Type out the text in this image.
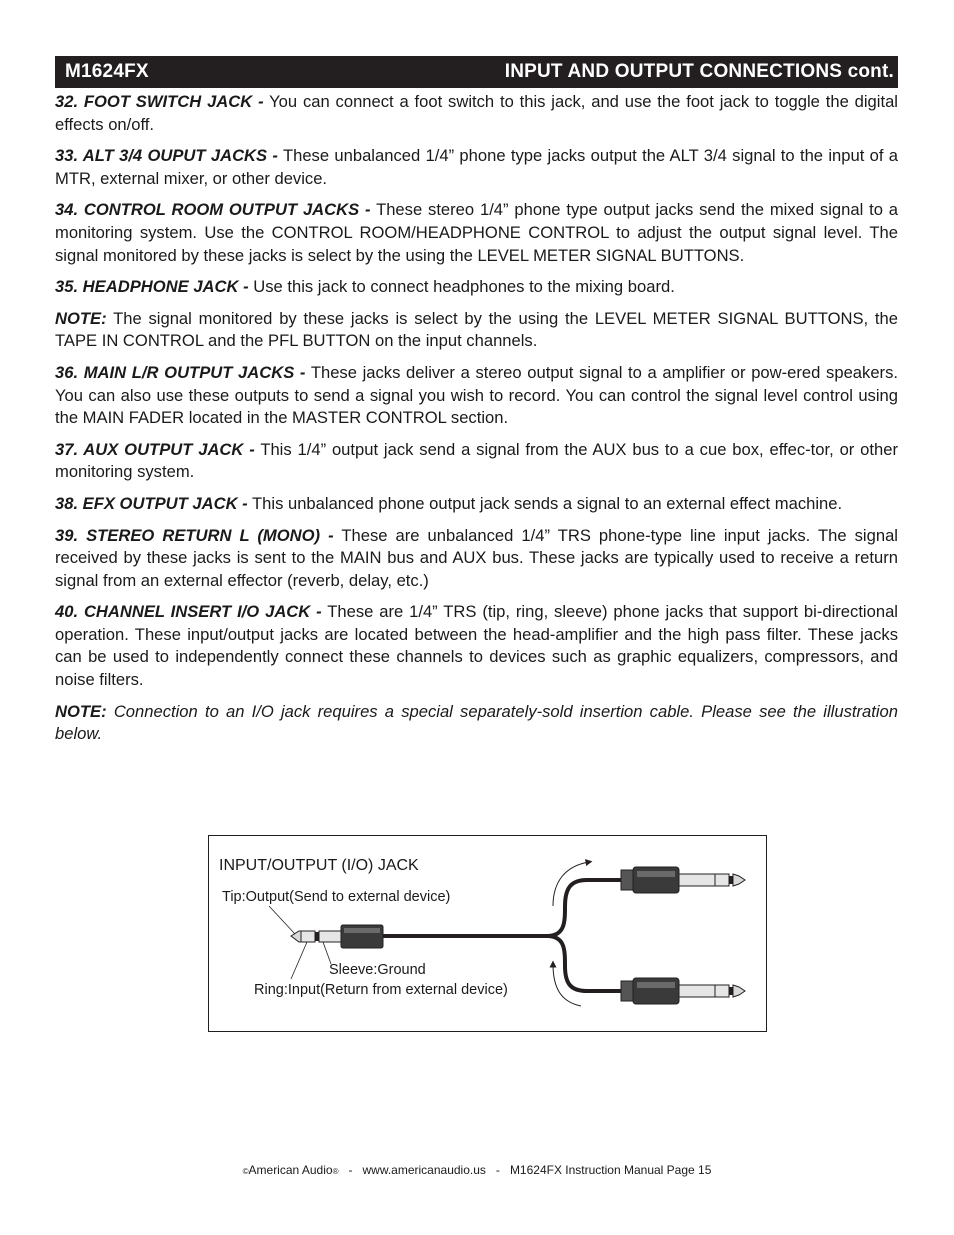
M1624FX	INPUT AND OUTPUT CONNECTIONS cont.

32. FOOT SWITCH JACK - You can connect a foot switch to this jack, and use the foot jack to toggle the digital effects on/off.

33. ALT 3/4 OUPUT JACKS - These unbalanced 1/4” phone type jacks output the ALT 3/4 signal to the input of a MTR, external mixer, or other device.

34. CONTROL ROOM OUTPUT JACKS - These stereo 1/4” phone type output jacks send the mixed signal to a monitoring system. Use the CONTROL ROOM/HEADPHONE CONTROL to adjust the output signal level. The signal monitored by these jacks is select by the using the LEVEL METER SIGNAL BUTTONS.

35. HEADPHONE JACK - Use this jack to connect headphones to the mixing board.

NOTE: The signal monitored by these jacks is select by the using the LEVEL METER SIGNAL BUTTONS, the TAPE IN CONTROL and the PFL BUTTON on the input channels.

36. MAIN L/R OUTPUT JACKS - These jacks deliver a stereo output signal to a amplifier or pow-ered speakers. You can also use these outputs to send a signal you wish to record. You can control the signal level control using the MAIN FADER located in the MASTER CONTROL section.

37. AUX OUTPUT JACK - This 1/4” output jack send a signal from the AUX bus to a cue box, effec-tor, or other monitoring system.

38. EFX OUTPUT JACK - This unbalanced phone output jack sends a signal to an external effect machine.

39. STEREO RETURN L (MONO) - These are unbalanced 1/4” TRS phone-type line input jacks. The signal received by these jacks is sent to the MAIN bus and AUX bus. These jacks are typically used to receive a return signal from an external effector (reverb, delay, etc.)

40. CHANNEL INSERT I/O JACK - These are 1/4” TRS (tip, ring, sleeve) phone jacks that support bi-directional operation. These input/output jacks are located between the head-amplifier and the high pass filter. These jacks can be used to independently connect these channels to devices such as graphic equalizers, compressors, and noise filters.

NOTE: Connection to an I/O jack requires a special separately-sold insertion cable. Please see the illustration below.

INPUT/OUTPUT (I/O) JACK
Tip:Output(Send to external device)
Sleeve:Ground
Ring:Input(Return from external device)
©American Audio® - www.americanaudio.us - M1624FX Instruction Manual Page 15
